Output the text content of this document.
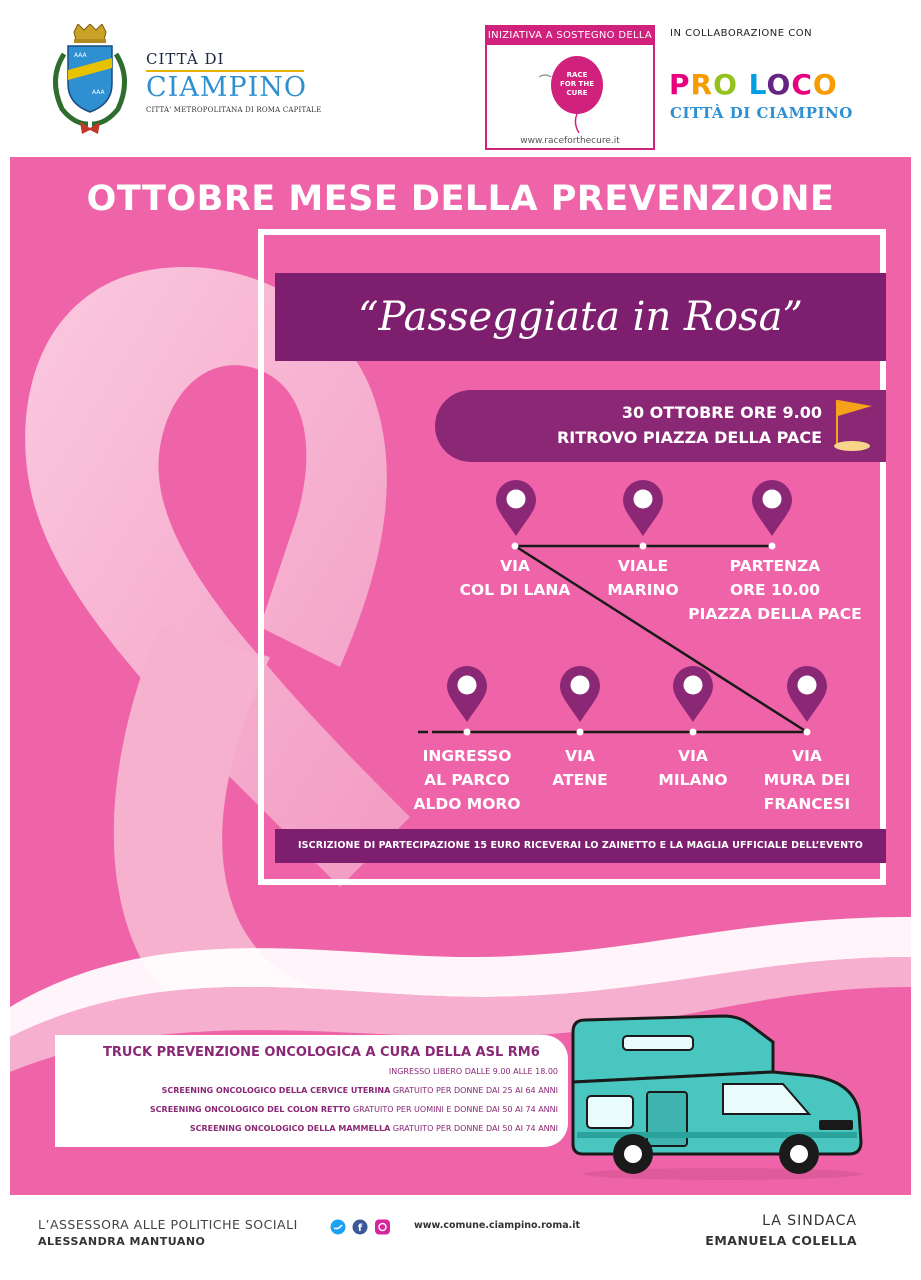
AAA
AAA
CITTÀ DI
CIAMPINO
CITTA' METROPOLITANA DI ROMA CAPITALE
INIZIATIVA A SOSTEGNO DELLA
RACE
FOR THE
CURE
www.raceforthecure.it
IN COLLABORAZIONE CON
PRO LOCO
CITTÀ DI CIAMPINO
OTTOBRE MESE DELLA PREVENZIONE
“Passeggiata in Rosa”
30 OTTOBRE ORE 9.00
RITROVO PIAZZA DELLA PACE
VIA
COL DI LANA
VIALE
MARINO
PARTENZA
ORE 10.00
PIAZZA DELLA PACE
INGRESSO
AL PARCO
ALDO MORO
VIA
ATENE
VIA
MILANO
VIA
MURA DEI
FRANCESI
ISCRIZIONE DI PARTECIPAZIONE 15 EURO RICEVERAI LO ZAINETTO E LA MAGLIA UFFICIALE DELL’EVENTO
TRUCK PREVENZIONE ONCOLOGICA A CURA DELLA ASL RM6
INGRESSO LIBERO DALLE 9.00 ALLE 18.00
SCREENING ONCOLOGICO DELLA CERVICE UTERINA GRATUITO PER DONNE DAI 25 AI 64 ANNI
SCREENING ONCOLOGICO DEL COLON RETTO GRATUITO PER UOMINI E DONNE DAI 50 AI 74 ANNI
SCREENING ONCOLOGICO DELLA MAMMELLA GRATUITO PER DONNE DAI 50 AI 74 ANNI
L’ASSESSORA ALLE POLITICHE SOCIALI
ALESSANDRA MANTUANO
f	www.comune.ciampino.roma.it	LA SINDACA
EMANUELA COLELLA
